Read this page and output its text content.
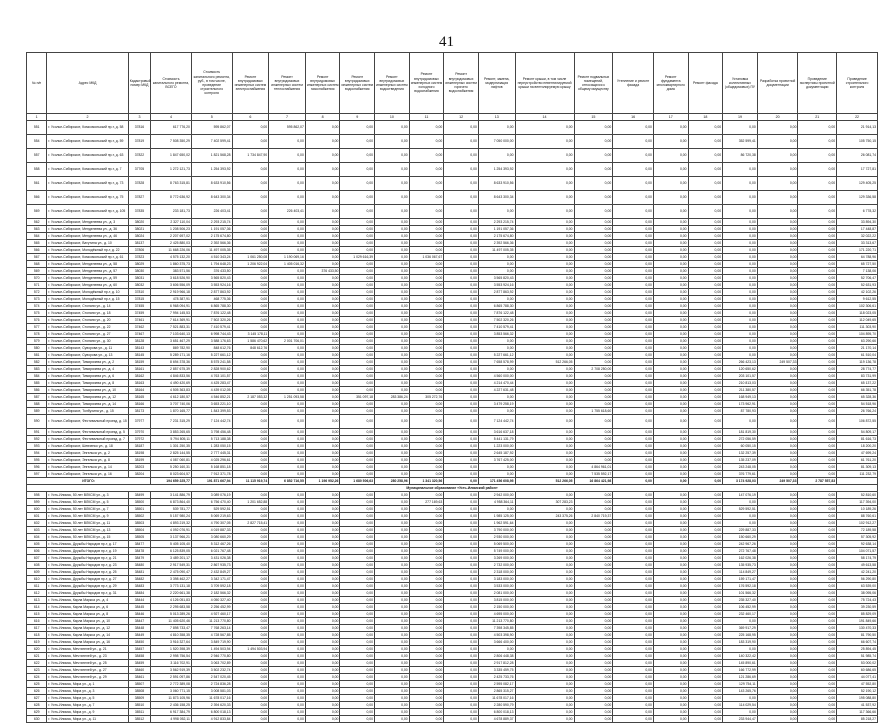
41
№ п/п	Адрес МКД	Кадастровый номер МКД	Стоимость капитального ремонта, ВСЕГО	Стоимость капитального ремонта, руб., в том числе, проведение строительного контроля	Ремонт внутридомовых инженерных систем электроснабжения	Ремонт внутридомовых инженерных систем теплоснабжения	Ремонт внутридомовых инженерных систем газоснабжения	Ремонт внутридомовых инженерных систем водоснабжения	Ремонт внутридомовых инженерных систем водоотведения	Ремонт внутридомовых инженерных систем холодного водоснабжения	Ремонт внутридомовых инженерных систем горячего водоснабжения	Ремонт, замена, модернизация лифтов	Ремонт крыши, в том числе переустройство невентилируемой крыши на вентилируемую крышу	Ремонт подвальных помещений, относящихся к общему имуществу	Утепление и ремонт фасада	Ремонт фундамента многоквартирного дома	Ремонт фасада	Установка коллективных (общедомовых) ПУ	Разработка проектной документации	Проведение экспертизы проектной документации	Проведение строительного контроля
1	2	3	4	5	6	7	8	9	10	11	12	13	14	15	16	17	18	19	20	21	22
551	г. Усолье-Сибирское, Комсомольский пр-т, д. 58	37816	617 776,20	595 862,07	0,00	595 862,07	0,00	0,00	0,00	0,00	0,00	0,00	0,00	0,00	0,00	0,00	0,00	0,00	0,00	0,00	21 914,13
554	г. Усолье-Сибирское, Комсомольский пр-т, д. 59	37819	7 508 350,29	7 402 599,41	0,00	0,00	0,00	0,00	0,00	0,00	0,00	7 050 000,00	0,00	0,00	0,00	0,00	0,00	352 599,41	0,00	0,00	105 750,15
557	г. Усолье-Сибирское, Комсомольский пр-т, д. 63	37822	1 847 650,02	1 821 568,28	1 734 847,90	0,00	0,00	0,00	0,00	0,00	0,00	0,00	0,00	0,00	0,00	0,00	0,00	86 720,38	0,00	0,00	26 081,74
558	г. Усолье-Сибирское, Комсомольский пр-т, д. 7	37705	1 272 121,73	1 254 393,92	0,00	0,00	0,00	0,00	0,00	0,00	0,00	1 254 393,92	0,00	0,00	0,00	0,00	0,00	0,00	0,00	0,00	17 727,81
561	г. Усолье-Сибирское, Комсомольский пр-т, д. 73	37828	8 763 315,81	8 633 910,56	0,00	0,00	0,00	0,00	0,00	0,00	0,00	8 633 910,56	0,00	0,00	0,00	0,00	0,00	0,00	0,00	0,00	129 405,25
566	г. Усолье-Сибирское, Комсомольский пр-т, д. 75	37827	8 772 636,92	8 643 300,34	0,00	0,00	0,00	0,00	0,00	0,00	0,00	8 643 300,34	0,00	0,00	0,00	0,00	0,00	0,00	0,00	0,00	129 336,58
569	г. Усолье-Сибирское, Комсомольский пр-т, д. 105	37835	233 181,73	226 403,41	0,00	226 403,41	0,00	0,00	0,00	0,00	0,00	0,00	0,00	0,00	0,00	0,00	0,00	0,00	0,00	0,00	6 778,32
562	г. Усолье-Сибирское, Менделеева ул., д. 3	38020	2 327 110,04	2 293 215,74	0,00	0,00	0,00	0,00	0,00	0,00	0,00	2 293 215,74	0,00	0,00	0,00	0,00	0,00	0,00	0,00	0,00	33 894,30
563	г. Усолье-Сибирское, Менделеева ул., д. 36	38021	1 208 506,23	1 191 057,36	0,00	0,00	0,00	0,00	0,00	0,00	0,00	1 191 057,36	0,00	0,00	0,00	0,00	0,00	0,00	0,00	0,00	17 448,87
564	г. Усолье-Сибирское, Менделеева ул., д. 46	38024	2 207 697,02	2 175 674,80	0,00	0,00	0,00	0,00	0,00	0,00	0,00	2 175 674,80	0,00	0,00	0,00	0,00	0,00	0,00	0,00	0,00	32 022,22
565	г. Усолье-Сибирское, Ватутина ул., д. 10	38137	2 425 880,03	2 392 566,36	0,00	0,00	0,00	0,00	0,00	0,00	0,00	2 392 566,36	0,00	0,00	0,00	0,00	0,00	0,00	0,00	0,00	33 313,67
566	г. Усолье-Сибирское, Молодёжный пр-т, д. 22	37806	11 668 226,06	11 497 005,35	0,00	0,00	0,00	0,00	0,00	0,00	0,00	11 497 005,35	0,00	0,00	0,00	0,00	0,00	0,00	0,00	0,00	171 220,71
567	г. Усолье-Сибирское, Комсомольский пр-т, д. 61	37823	4 575 132,20	4 510 343,24	1 061 250,08	1 190 069,16	0,00	1 029 616,39	0,00	1 036 067,67	0,00	0,00	0,00	0,00	0,00	0,00	0,00	0,00	0,00	0,00	64 788,96
568	г. Усолье-Сибирское, Менделеева ул., д. 58	38029	1 860 375,73	1 794 648,23	1 206 922,04	1 405 016,32	0,00	0,00	0,00	0,00	0,00	0,00	0,00	0,00	0,00	0,00	0,00	0,00	0,00	0,00	65 727,50
569	г. Усолье-Сибирское, Менделеева ул., д. 57	38030	383 571,56	376 433,50	0,00	0,00	376 433,50	0,00	0,00	0,00	0,00	0,00	0,00	0,00	0,00	0,00	0,00	0,00	0,00	0,00	7 138,06
570	г. Усолье-Сибирское, Менделеева ул., д. 59	38031	3 618 526,90	3 565 820,43	0,00	0,00	0,00	0,00	0,00	0,00	0,00	3 565 820,43	0,00	0,00	0,00	0,00	0,00	0,00	0,00	0,00	52 706,47
571	г. Усолье-Сибирское, Менделеева ул., д. 60	38032	3 606 556,09	3 553 924,16	0,00	0,00	0,00	0,00	0,00	0,00	0,00	3 553 924,16	0,00	0,00	0,00	0,00	0,00	0,00	0,00	0,00	52 631,93
572	г. Усолье-Сибирское, Молодёжный пр-т, д. 10	37810	2 919 966,18	2 877 863,92	0,00	0,00	0,00	0,00	0,00	0,00	0,00	2 877 863,92	0,00	0,00	0,00	0,00	0,00	0,00	0,00	0,00	42 102,26
573	г. Усолье-Сибирское, Молодёжный пр-т, д. 15	37815	478 387,91	468 775,36	0,00	0,00	0,00	0,00	0,00	0,00	0,00	0,00	0,00	0,00	0,00	0,00	0,00	0,00	0,00	0,00	9 612,55
574	г. Усолье-Сибирское, Стопани ул., д. 14	37455	6 968 094,91	6 865 788,30	0,00	0,00	0,00	0,00	0,00	0,00	0,00	6 865 788,30	0,00	0,00	0,00	0,00	0,00	0,00	0,00	0,00	102 306,61
575	г. Усолье-Сибирское, Стопани ул., д. 18	37459	7 994 145,53	7 876 122,48	0,00	0,00	0,00	0,00	0,00	0,00	0,00	7 876 122,48	0,00	0,00	0,00	0,00	0,00	0,00	0,00	0,00	118 023,05
576	г. Усолье-Сибирское, Стопани ул., д. 20	37461	7 614 369,91	7 502 320,26	0,00	0,00	0,00	0,00	0,00	0,00	0,00	7 502 320,26	0,00	0,00	0,00	0,00	0,00	0,00	0,00	0,00	112 049,65
577	г. Усолье-Сибирское, Стопани ул., д. 22	37462	7 521 883,31	7 410 579,41	0,00	0,00	0,00	0,00	0,00	0,00	0,00	7 410 579,41	0,00	0,00	0,00	0,00	0,00	0,00	0,00	0,00	111 303,90
578	г. Усолье-Сибирское, Стопани ул., д. 27	37467	7 103 640,13	6 998 744,43	3 145 178,11	0,00	0,00	0,00	0,00	0,00	0,00	3 853 566,32	0,00	0,00	0,00	0,00	0,00	0,00	0,00	0,00	104 895,70
579	г. Усолье-Сибирское, Стопани ул., д. 30	38128	3 651 467,29	3 588 176,63	1 586 470,62	2 001 706,01	0,00	0,00	0,00	0,00	0,00	0,00	0,00	0,00	0,00	0,00	0,00	0,00	0,00	0,00	63 290,66
580	г. Усолье-Сибирское, Суворова ул., д. 11	38143	869 782,90	848 612,76	848 612,76	0,00	0,00	0,00	0,00	0,00	0,00	0,00	0,00	0,00	0,00	0,00	0,00	0,00	0,00	0,00	21 170,14
581	г. Усолье-Сибирское, Суворова ул., д. 13	38145	5 289 171,16	5 227 661,12	0,00	0,00	0,00	0,00	0,00	0,00	0,00	5 227 661,12	0,00	0,00	0,00	0,00	0,00	0,00	0,00	0,00	61 510,04
582	г. Усолье-Сибирское, Тимирязева ул., д. 2	38159	8 694 378,36	8 575 241,58	0,00	0,00	0,00	0,00	0,00	0,00	0,00	7 658 578,99	512 266,05	0,00	0,00	0,00	0,00	266 423,13	249 507,33	0,00	119 136,78
583	г. Усолье-Сибирское, Тимирязева ул., д. 4	38161	2 857 675,39	2 828 900,62	0,00	0,00	0,00	0,00	0,00	0,00	0,00	0,00	0,00	2 708 250,00	0,00	0,00	0,00	120 650,62	0,00	0,00	28 774,77
584	г. Усолье-Сибирское, Тимирязева ул., д. 6	38162	4 846 833,56	4 763 101,57	0,00	0,00	0,00	0,00	0,00	0,00	0,00	4 560 000,00	0,00	0,00	0,00	0,00	0,00	203 101,57	0,00	0,00	83 731,99
585	г. Усолье-Сибирское, Тимирязева ул., д. 8	38163	4 490 420,69	4 425 283,47	0,00	0,00	0,00	0,00	0,00	0,00	0,00	4 214 470,44	0,00	0,00	0,00	0,00	0,00	210 813,03	0,00	0,00	65 137,22
586	г. Усолье-Сибирское, Тимирязева ул., д. 10	38164	4 505 363,83	4 439 012,05	0,00	0,00	0,00	0,00	0,00	0,00	0,00	4 227 631,48	0,00	0,00	0,00	0,00	0,00	211 380,57	0,00	0,00	66 351,78
587	г. Усолье-Сибирское, Тимирязева ул., д. 12	38165	4 612 180,57	4 546 852,21	2 187 053,32	1 251 093,58	0,00	351 097,18	283 386,24	305 272,76	0,00	0,00	0,00	0,00	0,00	0,00	0,00	168 949,13	0,00	0,00	65 328,36
588	г. Усолье-Сибирское, Тимирязева ул., д. 14	38166	3 707 740,06	3 653 221,10	0,00	0,00	0,00	0,00	0,00	0,00	0,00	3 479 258,19	0,00	0,00	0,00	0,00	0,00	173 962,91	0,00	0,00	54 518,96
589	г. Усолье-Сибирское, Толбухина ул., д. 15	38173	1 870 165,77	1 843 399,53	0,00	0,00	0,00	0,00	0,00	0,00	0,00	0,00	0,00	1 755 618,60	0,00	0,00	0,00	87 780,93	0,00	0,00	26 766,24
590	г. Усолье-Сибирское, Фестивальный проезд, д. 15	37977	7 231 315,29	7 124 442,74	0,00	0,00	0,00	0,00	0,00	0,00	0,00	7 124 442,74	0,00	0,00	0,00	0,00	0,00	0,00	0,00	0,00	106 872,55
591	г. Усолье-Сибирское, Фестивальный проезд, д. 5	37970	3 853 265,65	3 798 456,48	0,00	0,00	0,00	0,00	0,00	0,00	0,00	3 616 637,18	0,00	0,00	0,00	0,00	0,00	181 819,30	0,00	0,00	54 809,17
592	г. Усолье-Сибирское, Фестивальный проезд, д. 7	37972	5 794 805,11	5 713 188,38	0,00	0,00	0,00	0,00	0,00	0,00	0,00	5 441 131,79	0,00	0,00	0,00	0,00	0,00	272 056,59	0,00	0,00	81 616,73
593	г. Усолье-Сибирское, Шевченко ул., д. 18	38187	1 301 250,35	1 283 050,15	0,00	0,00	0,00	0,00	0,00	0,00	0,00	1 223 000,00	0,00	0,00	0,00	0,00	0,00	60 050,15	0,00	0,00	18 200,20
594	г. Усолье-Сибирское, Энгельса ул., д. 2	38198	2 825 144,55	2 777 445,31	0,00	0,00	0,00	0,00	0,00	0,00	0,00	2 645 187,92	0,00	0,00	0,00	0,00	0,00	132 257,39	0,00	0,00	47 699,24
595	г. Усолье-Сибирское, Энгельса ул., д. 8	38199	4 087 060,81	4 025 296,61	0,00	0,00	0,00	0,00	0,00	0,00	0,00	3 767 425,00	0,00	0,00	0,00	0,00	0,00	135 237,09	0,00	0,00	61 761,20
596	г. Усолье-Сибирское, Энгельса ул., д. 14	38203	5 250 160,31	5 168 851,18	0,00	0,00	0,00	0,00	0,00	0,00	0,00	0,00	0,00	4 864 961,01	0,00	0,00	0,00	243 248,05	0,00	0,00	81 309,13
597	г. Усолье-Сибирское, Энгельса ул., д. 16	38204	8 023 604,57	7 912 371,78	0,00	0,00	0,00	0,00	0,00	0,00	0,00	0,00	0,00	7 535 592,17	0,00	0,00	0,00	376 779,61	0,00	0,00	111 232,79
ИТОГО:			194 659 225,77	191 871 667,94	11 115 919,74	6 852 716,55	1 196 952,26	1 680 506,63	280 258,96	1 341 320,56	0,00	171 456 608,95	512 266,05	16 864 421,98	0,00	0,00	0,00	3 174 928,03	249 507,33	2 787 557,83	
Муниципальное образование «Усть-Илимский район»																					
598	г. Усть-Илимск, 50 лет ВЛКСМ ул., д. 3	38499	3 141 886,79	3 089 076,19	0,00	0,00	0,00	0,00	0,00	0,00	0,00	2 942 000,00	0,00	0,00	0,00	0,00	0,00	147 076,19	0,00	0,00	52 810,60
599	г. Усть-Илимск, 50 лет ВЛКСМ ул., д. 5	38500	6 873 864,40	6 756 470,40	1 201 652,88	0,00	0,00	0,00	0,00	277 169,63	0,00	4 958 364,11	307 283,23	0,00	0,00	0,00	0,00	0,00	0,00	0,00	117 394,00
600	г. Усть-Илимск, 50 лет ВЛКСМ ул., д. 7	38501	539 781,77	529 592,51	0,00	0,00	0,00	0,00	0,00	0,00	0,00	0,00	0,00	0,00	0,00	0,00	0,00	529 592,51	0,00	0,00	10 189,26
601	г. Усть-Илимск, 50 лет ВЛКСМ ул., д. 9	38502	5 157 980,24	5 069 219,63	0,00	0,00	0,00	0,00	0,00	0,00	0,00	1 985 125,00	243 375,26	2 840 719,37	0,00	0,00	0,00	0,00	0,00	0,00	88 760,61
602	г. Усть-Илимск, 50 лет ВЛКСМ ул., д. 11	38503	4 893 219,32	4 790 307,05	2 827 715,41	0,00	0,00	0,00	0,00	0,00	0,00	1 962 591,64	0,00	0,00	0,00	0,00	0,00	0,00	0,00	0,00	102 912,27
603	г. Усть-Илимск, 50 лет ВЛКСМ ул., д. 13	38504	4 092 076,91	4 019 887,33	0,00	0,00	0,00	0,00	0,00	0,00	0,00	3 790 000,00	0,00	0,00	0,00	0,00	0,00	229 887,33	0,00	0,00	72 189,58
604	г. Усть-Илимск, 50 лет ВЛКСМ ул., д. 15	38505	3 137 966,21	3 080 660,29	0,00	0,00	0,00	0,00	0,00	0,00	0,00	2 930 000,00	0,00	0,00	0,00	0,00	0,00	150 660,29	0,00	0,00	57 305,92
605	г. Усть-Илимск, Дружбы Народов пр-т, д. 17	38477	5 405 105,40	5 312 467,26	0,00	0,00	0,00	0,00	0,00	0,00	0,00	5 069 500,00	0,00	0,00	0,00	0,00	0,00	242 967,26	0,00	0,00	92 638,14
606	г. Усть-Илимск, Дружбы Народов пр-т, д. 19	38478	6 125 839,05	6 021 767,48	0,00	0,00	0,00	0,00	0,00	0,00	0,00	5 749 000,00	0,00	0,00	0,00	0,00	0,00	272 767,48	0,00	0,00	104 071,57
607	г. Усть-Илимск, Дружбы Народов пр-т, д. 21	38479	3 489 201,17	3 431 026,38	0,00	0,00	0,00	0,00	0,00	0,00	0,00	3 269 000,00	0,00	0,00	0,00	0,00	0,00	162 026,38	0,00	0,00	58 174,79
608	г. Усть-Илимск, Дружбы Народов пр-т, д. 23	38480	2 917 549,31	2 867 935,73	0,00	0,00	0,00	0,00	0,00	0,00	0,00	2 732 000,00	0,00	0,00	0,00	0,00	0,00	135 935,73	0,00	0,00	49 613,58
609	г. Усть-Илимск, Дружбы Народов пр-т, д. 25	38481	2 475 090,47	2 432 849,27	0,00	0,00	0,00	0,00	0,00	0,00	0,00	2 318 000,00	0,00	0,00	0,00	0,00	0,00	114 849,27	0,00	0,00	42 241,20
610	г. Усть-Илимск, Дружбы Народов пр-т, д. 27	38482	3 398 462,27	3 342 171,47	0,00	0,00	0,00	0,00	0,00	0,00	0,00	3 183 000,00	0,00	0,00	0,00	0,00	0,00	159 171,47	0,00	0,00	56 290,80
611	г. Усть-Илимск, Дружбы Народов пр-т, д. 29	38483	3 773 131,18	3 709 592,18	0,00	0,00	0,00	0,00	0,00	0,00	0,00	3 533 000,00	0,00	0,00	0,00	0,00	0,00	176 592,18	0,00	0,00	63 539,00
612	г. Усть-Илимск, Дружбы Народов пр-т, д. 31	38484	2 220 661,38	2 182 566,32	0,00	0,00	0,00	0,00	0,00	0,00	0,00	2 081 000,00	0,00	0,00	0,00	0,00	0,00	101 566,32	0,00	0,00	38 095,06
613	г. Усть-Илимск, Карла Маркса ул., д. 4	38444	4 126 051,83	4 050 327,40	0,00	0,00	0,00	0,00	0,00	0,00	0,00	3 815 000,00	0,00	0,00	0,00	0,00	0,00	235 327,40	0,00	0,00	75 724,43
614	г. Усть-Илимск, Карла Маркса ул., д. 6	38445	2 295 683,58	2 256 452,99	0,00	0,00	0,00	0,00	0,00	0,00	0,00	2 150 000,00	0,00	0,00	0,00	0,00	0,00	106 452,99	0,00	0,00	39 230,59
615	г. Усть-Илимск, Карла Маркса ул., д. 8	38446	5 013 289,26	4 927 460,17	0,00	0,00	0,00	0,00	0,00	0,00	0,00	4 695 000,00	0,00	0,00	0,00	0,00	0,00	232 460,17	0,00	0,00	85 829,09
616	г. Усть-Илимск, Карла Маркса ул., д. 10	38447	11 405 620,46	11 213 770,80	0,00	0,00	0,00	0,00	0,00	0,00	0,00	11 213 770,80	0,00	0,00	0,00	0,00	0,00	0,00	0,00	0,00	191 849,66
617	г. Усть-Илимск, Карла Маркса ул., д. 12	38448	7 898 733,47	7 768 263,14	0,00	0,00	0,00	0,00	0,00	0,00	0,00	7 398 345,85	0,00	0,00	0,00	0,00	0,00	369 917,29	0,00	0,00	130 470,33
618	г. Усть-Илимск, Карла Маркса ул., д. 14	38449	4 810 358,35	4 728 567,85	0,00	0,00	0,00	0,00	0,00	0,00	0,00	4 503 398,90	0,00	0,00	0,00	0,00	0,00	225 168,95	0,00	0,00	81 790,50
619	г. Усть-Илимск, Карла Маркса ул., д. 16	38450	3 916 327,64	3 849 719,90	0,00	0,00	0,00	0,00	0,00	0,00	0,00	3 666 400,00	0,00	0,00	0,00	0,00	0,00	183 319,90	0,00	0,00	66 607,74
620	г. Усть-Илимск, Мечтателей ул., д. 21	38457	1 520 398,39	1 494 503,94	1 494 503,94	0,00	0,00	0,00	0,00	0,00	0,00	0,00	0,00	0,00	0,00	0,00	0,00	0,00	0,00	0,00	25 894,45
621	г. Усть-Илимск, Мечтателей ул., д. 23	38458	2 998 756,54	2 946 770,80	0,00	0,00	0,00	0,00	0,00	0,00	0,00	2 806 448,38	0,00	0,00	0,00	0,00	0,00	140 322,42	0,00	0,00	51 985,74
622	г. Усть-Илимск, Мечтателей ул., д. 25	38459	3 116 702,91	3 063 702,89	0,00	0,00	0,00	0,00	0,00	0,00	0,00	2 917 812,28	0,00	0,00	0,00	0,00	0,00	145 890,61	0,00	0,00	53 000,02
623	г. Усть-Илимск, Мечтателей ул., д. 27	38460	3 562 919,39	3 502 232,74	0,00	0,00	0,00	0,00	0,00	0,00	0,00	3 335 459,75	0,00	0,00	0,00	0,00	0,00	166 772,99	0,00	0,00	60 686,65
624	г. Усть-Илимск, Мечтателей ул., д. 29	38461	2 591 097,86	2 547 020,45	0,00	0,00	0,00	0,00	0,00	0,00	0,00	2 425 733,76	0,00	0,00	0,00	0,00	0,00	121 286,69	0,00	0,00	44 077,41
625	г. Усть-Илимск, Мира ул., д. 1	38507	2 772 389,08	2 724 836,28	0,00	0,00	0,00	0,00	0,00	0,00	0,00	2 595 082,17	0,00	0,00	0,00	0,00	0,00	129 754,11	0,00	0,00	47 552,80
626	г. Усть-Илимск, Мира ул., д. 3	38508	3 060 771,15	3 008 581,03	0,00	0,00	0,00	0,00	0,00	0,00	0,00	2 865 315,27	0,00	0,00	0,00	0,00	0,00	143 265,76	0,00	0,00	52 190,12
627	г. Усть-Илимск, Мира ул., д. 5	38509	11 873 105,96	11 678 017,16	0,00	0,00	0,00	0,00	0,00	0,00	0,00	11 678 017,16	0,00	0,00	0,00	0,00	0,00	0,00	0,00	0,00	195 088,80
628	г. Усть-Илимск, Мира ул., д. 7	38510	2 436 158,25	2 394 620,33	0,00	0,00	0,00	0,00	0,00	0,00	0,00	2 280 590,79	0,00	0,00	0,00	0,00	0,00	114 029,54	0,00	0,00	41 537,92
629	г. Усть-Илимск, Мира ул., д. 9	38511	6 917 384,79	6 800 018,13	0,00	0,00	0,00	0,00	0,00	0,00	0,00	6 800 018,13	0,00	0,00	0,00	0,00	0,00	0,00	0,00	0,00	117 366,66
630	г. Усть-Илимск, Мира ул., д. 11	38512	4 998 052,11	4 912 833,84	0,00	0,00	0,00	0,00	0,00	0,00	0,00	4 678 889,37	0,00	0,00	0,00	0,00	0,00	233 944,47	0,00	0,00	85 218,27
